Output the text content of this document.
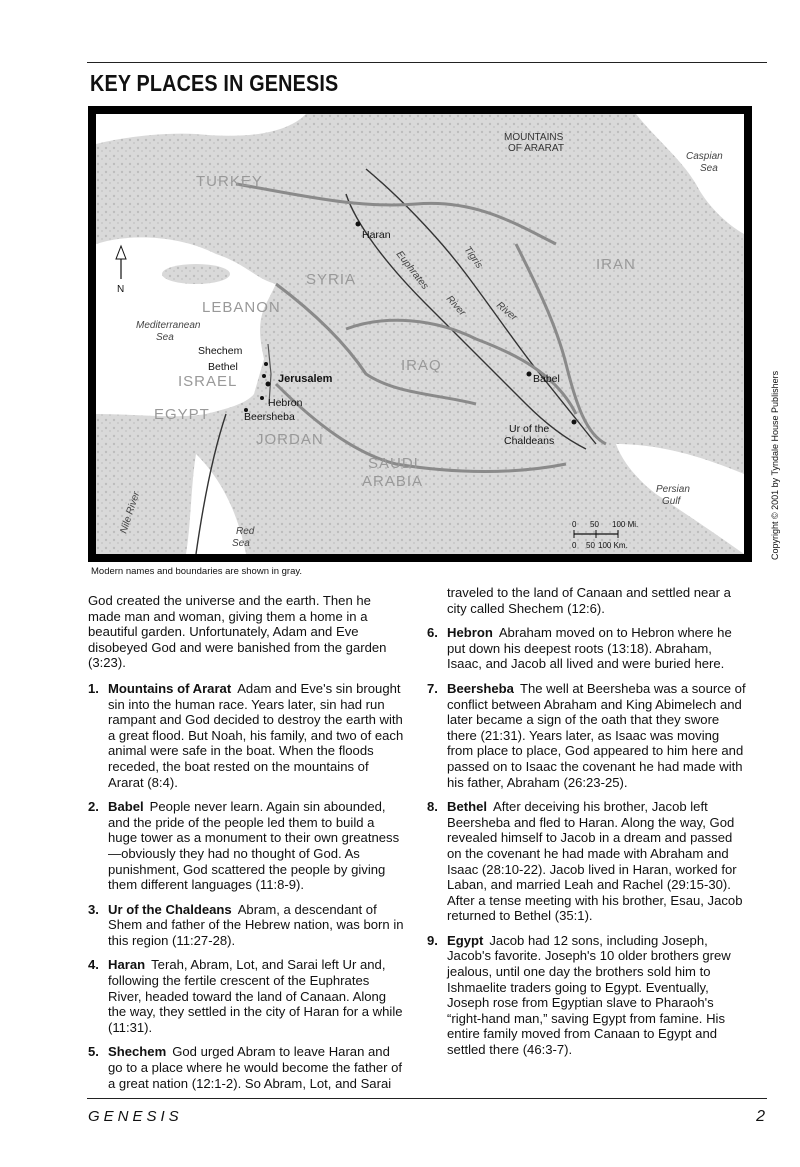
KEY PLACES IN GENESIS
N
TURKEY
SYRIA
IRAN
IRAQ
LEBANON
ISRAEL
EGYPT
JORDAN
SAUDI
ARABIA
MOUNTAINS
OF ARARAT
Caspian
Sea
Mediterranean
Sea
Persian
Gulf
Red
Sea
Nile River
Euphrates
River
Tigris
River
Haran
Babel
Ur of the
Chaldeans
Shechem
Bethel
Jerusalem
Hebron
Beersheba
0 50 100 Mi.
0 50 100 Km.
Modern names and boundaries are shown in gray.
Copyright © 2001 by Tyndale House Publishers

God created the universe and the earth. Then he made man and woman, giving them a home in a beautiful garden. Unfortunately, Adam and Eve disobeyed God and were banished from the garden (3:23).

1. Mountains of Ararat Adam and Eve's sin brought sin into the human race. Years later, sin had run rampant and God decided to destroy the earth with a great flood. But Noah, his family, and two of each animal were safe in the boat. When the floods receded, the boat rested on the mountains of Ararat (8:4).
2. Babel People never learn. Again sin abounded, and the pride of the people led them to build a huge tower as a monument to their own greatness—obviously they had no thought of God. As punishment, God scattered the people by giving them different languages (11:8-9).
3. Ur of the Chaldeans Abram, a descendant of Shem and father of the Hebrew nation, was born in this region (11:27-28).
4. Haran Terah, Abram, Lot, and Sarai left Ur and, following the fertile crescent of the Euphrates River, headed toward the land of Canaan. Along the way, they settled in the city of Haran for a while (11:31).
5. Shechem God urged Abram to leave Haran and go to a place where he would become the father of a great nation (12:1-2). So Abram, Lot, and Sarai
traveled to the land of Canaan and settled near a city called Shechem (12:6).
6. Hebron Abraham moved on to Hebron where he put down his deepest roots (13:18). Abraham, Isaac, and Jacob all lived and were buried here.
7. Beersheba The well at Beersheba was a source of conflict between Abraham and King Abimelech and later became a sign of the oath that they swore there (21:31). Years later, as Isaac was moving from place to place, God appeared to him here and passed on to Isaac the covenant he had made with his father, Abraham (26:23-25).
8. Bethel After deceiving his brother, Jacob left Beersheba and fled to Haran. Along the way, God revealed himself to Jacob in a dream and passed on the covenant he had made with Abraham and Isaac (28:10-22). Jacob lived in Haran, worked for Laban, and married Leah and Rachel (29:15-30). After a tense meeting with his brother, Esau, Jacob returned to Bethel (35:1).
9. Egypt Jacob had 12 sons, including Joseph, Jacob's favorite. Joseph's 10 older brothers grew jealous, until one day the brothers sold him to Ishmaelite traders going to Egypt. Eventually, Joseph rose from Egyptian slave to Pharaoh's “right-hand man,” saving Egypt from famine. His entire family moved from Canaan to Egypt and settled there (46:3-7).
GENESIS	2
